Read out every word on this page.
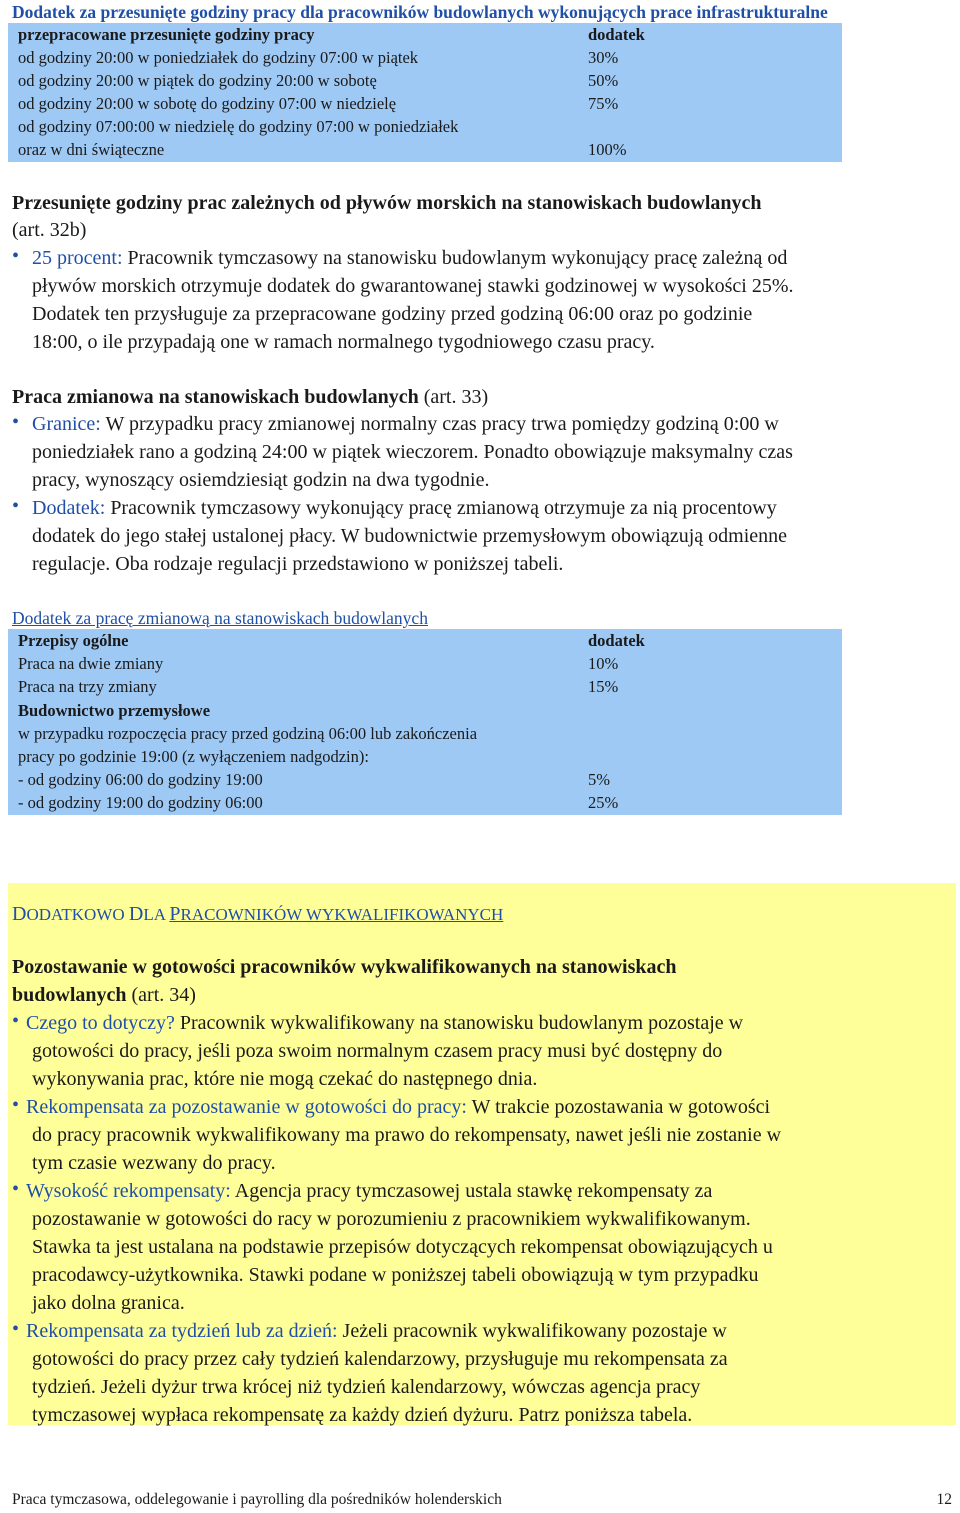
Dodatek za przesunięte godziny pracy dla pracowników budowlanych wykonujących prace infrastrukturalne
przepracowane przesunięte godziny pracy	dodatek
od godziny 20:00 w poniedziałek do godziny 07:00 w piątek	30%
od godziny 20:00 w piątek do godziny 20:00 w sobotę	50%
od godziny 20:00 w sobotę do godziny 07:00 w niedzielę	75%
od godziny 07:00:00 w niedzielę do godziny 07:00 w poniedziałek
oraz w dni świąteczne	100%
Przesunięte godziny prac zależnych od pływów morskich na stanowiskach budowlanych
(art. 32b)
• 25 procent: Pracownik tymczasowy na stanowisku budowlanym wykonujący pracę zależną od
pływów morskich otrzymuje dodatek do gwarantowanej stawki godzinowej w wysokości 25%.
Dodatek ten przysługuje za przepracowane godziny przed godziną 06:00 oraz po godzinie
18:00, o ile przypadają one w ramach normalnego tygodniowego czasu pracy.
Praca zmianowa na stanowiskach budowlanych (art. 33)
• Granice: W przypadku pracy zmianowej normalny czas pracy trwa pomiędzy godziną 0:00 w
poniedziałek rano a godziną 24:00 w piątek wieczorem. Ponadto obowiązuje maksymalny czas
pracy, wynoszący osiemdziesiąt godzin na dwa tygodnie.
• Dodatek: Pracownik tymczasowy wykonujący pracę zmianową otrzymuje za nią procentowy
dodatek do jego stałej ustalonej płacy. W budownictwie przemysłowym obowiązują odmienne
regulacje. Oba rodzaje regulacji przedstawiono w poniższej tabeli.
Dodatek za pracę zmianową na stanowiskach budowlanych
Przepisy ogólne	dodatek
Praca na dwie zmiany	10%
Praca na trzy zmiany	15%
Budownictwo przemysłowe
w przypadku rozpoczęcia pracy przed godziną 06:00 lub zakończenia
pracy po godzinie 19:00 (z wyłączeniem nadgodzin):
- od godziny 06:00 do godziny 19:00	5%
- od godziny 19:00 do godziny 06:00	25%
DODATKOWO DLA PRACOWNIKÓW WYKWALIFIKOWANYCH
Pozostawanie w gotowości pracowników wykwalifikowanych na stanowiskach
budowlanych (art. 34)
• Czego to dotyczy? Pracownik wykwalifikowany na stanowisku budowlanym pozostaje w
gotowości do pracy, jeśli poza swoim normalnym czasem pracy musi być dostępny do
wykonywania prac, które nie mogą czekać do następnego dnia.
• Rekompensata za pozostawanie w gotowości do pracy: W trakcie pozostawania w gotowości
do pracy pracownik wykwalifikowany ma prawo do rekompensaty, nawet jeśli nie zostanie w
tym czasie wezwany do pracy.
• Wysokość rekompensaty: Agencja pracy tymczasowej ustala stawkę rekompensaty za
pozostawanie w gotowości do racy w porozumieniu z pracownikiem wykwalifikowanym.
Stawka ta jest ustalana na podstawie przepisów dotyczących rekompensat obowiązujących u
pracodawcy-użytkownika. Stawki podane w poniższej tabeli obowiązują w tym przypadku
jako dolna granica.
• Rekompensata za tydzień lub za dzień: Jeżeli pracownik wykwalifikowany pozostaje w
gotowości do pracy przez cały tydzień kalendarzowy, przysługuje mu rekompensata za
tydzień. Jeżeli dyżur trwa krócej niż tydzień kalendarzowy, wówczas agencja pracy
tymczasowej wypłaca rekompensatę za każdy dzień dyżuru. Patrz poniższa tabela.
Praca tymczasowa, oddelegowanie i payrolling dla pośredników holenderskich	12
